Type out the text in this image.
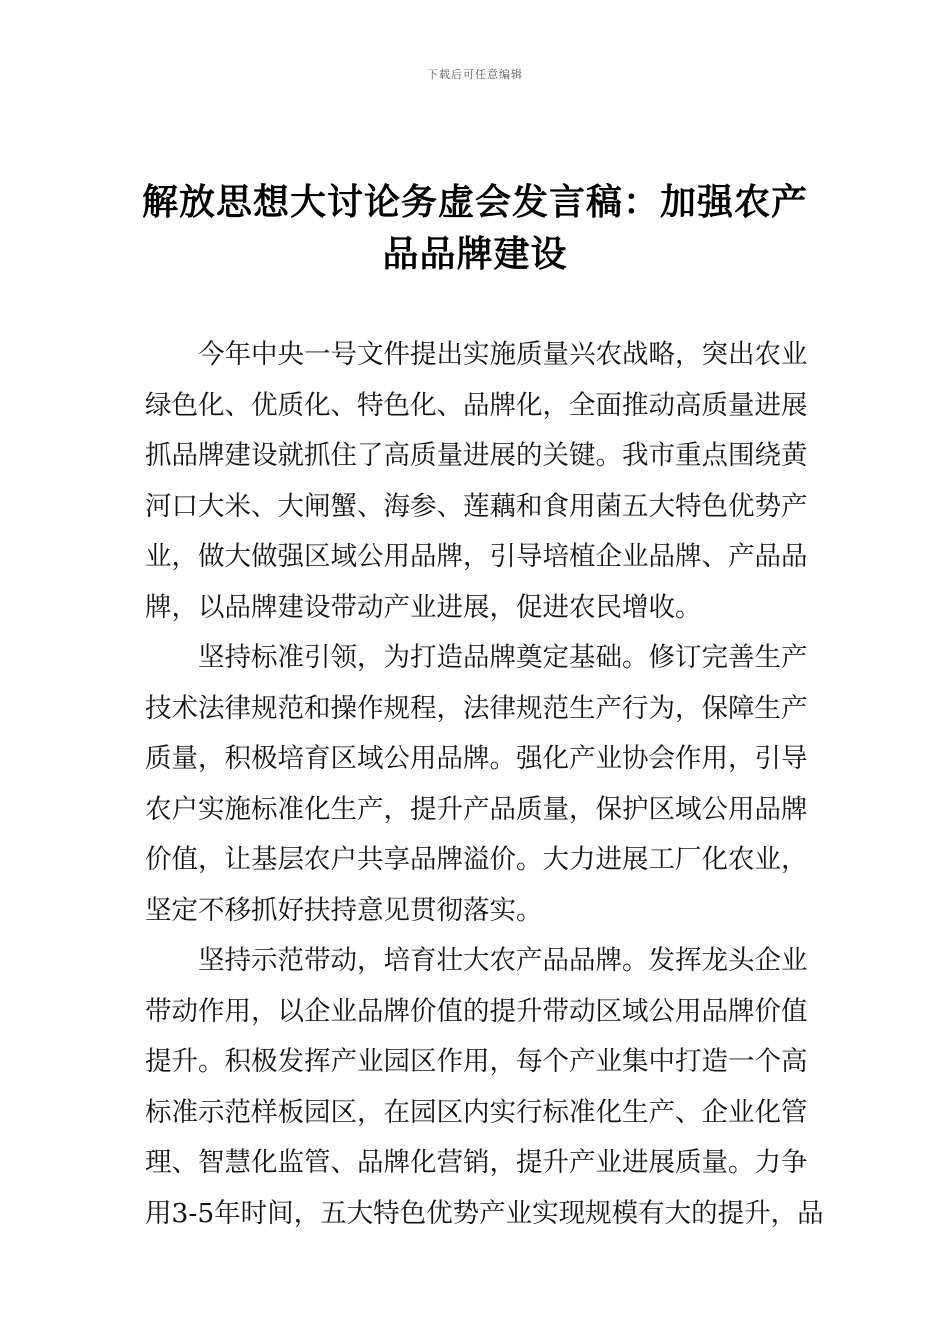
下载后可任意编辑
解放思想大讨论务虚会发言稿：加强农产
品品牌建设
今年中央一号文件提出实施质量兴农战略，突出农业
绿色化、优质化、特色化、品牌化，全面推动高质量进展
抓品牌建设就抓住了高质量进展的关键。我市重点围绕黄
河口大米、大闸蟹、海参、莲藕和食用菌五大特色优势产
业，做大做强区域公用品牌，引导培植企业品牌、产品品
牌，以品牌建设带动产业进展，促进农民增收。
坚持标准引领，为打造品牌奠定基础。修订完善生产
技术法律规范和操作规程，法律规范生产行为，保障生产
质量，积极培育区域公用品牌。强化产业协会作用，引导
农户实施标准化生产，提升产品质量，保护区域公用品牌
价值，让基层农户共享品牌溢价。大力进展工厂化农业，
坚定不移抓好扶持意见贯彻落实。
坚持示范带动，培育壮大农产品品牌。发挥龙头企业
带动作用，以企业品牌价值的提升带动区域公用品牌价值
提升。积极发挥产业园区作用，每个产业集中打造一个高
标准示范样板园区，在园区内实行标准化生产、企业化管
理、智慧化监管、品牌化营销，提升产业进展质量。力争
用3-5年时间，五大特色优势产业实现规模有大的提升，品
